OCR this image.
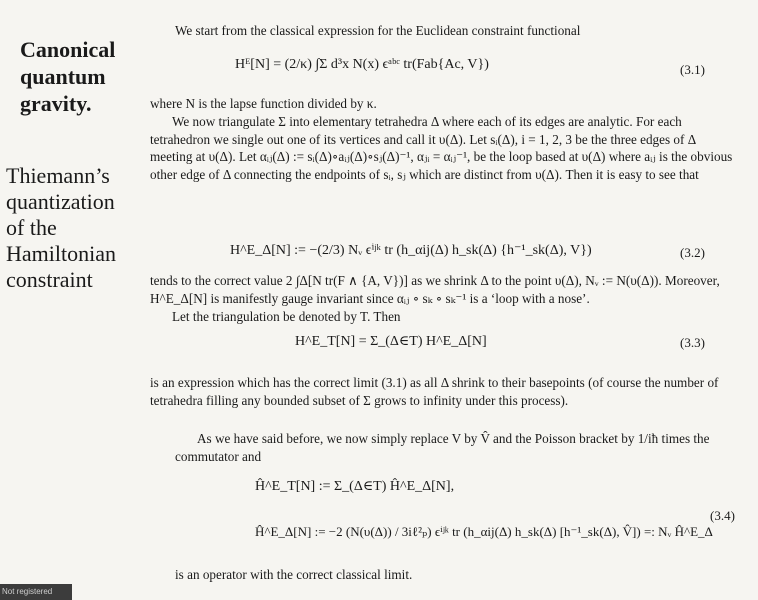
Canonical
quantum
gravity.
Thiemann’s
quantization
of the
Hamiltonian
constraint
We start from the classical expression for the Euclidean constraint functional
Hᴱ[N] = (2/κ) ∫Σ d³x N(x) ϵᵃᵇᶜ tr(Fab{Ac, V})	(3.1)
where N is the lapse function divided by κ.
We now triangulate Σ into elementary tetrahedra Δ where each of its edges are analytic. For each tetrahedron we single out one of its vertices and call it υ(Δ). Let sᵢ(Δ), i = 1, 2, 3 be the three edges of Δ meeting at υ(Δ). Let αᵢⱼ(Δ) := sᵢ(Δ)∘aᵢⱼ(Δ)∘sⱼ(Δ)⁻¹, αⱼᵢ = αᵢⱼ⁻¹, be the loop based at υ(Δ) where aᵢⱼ is the obvious other edge of Δ connecting the endpoints of sᵢ, sⱼ which are distinct from υ(Δ). Then it is easy to see that
H^E_Δ[N] := −(2/3) Nᵥ ϵⁱʲᵏ tr (h_αij(Δ) h_sk(Δ) {h⁻¹_sk(Δ), V})	(3.2)
tends to the correct value 2 ∫Δ[N tr(F ∧ {A, V})] as we shrink Δ to the point υ(Δ), Nᵥ := N(υ(Δ)). Moreover, H^E_Δ[N] is manifestly gauge invariant since αᵢⱼ ∘ sₖ ∘ sₖ⁻¹ is a ‘loop with a nose’.
Let the triangulation be denoted by T. Then
H^E_T[N] = Σ_(Δ∈T) H^E_Δ[N]	(3.3)
is an expression which has the correct limit (3.1) as all Δ shrink to their basepoints (of course the number of tetrahedra filling any bounded subset of Σ grows to infinity under this process).
As we have said before, we now simply replace V by V̂ and the Poisson bracket by 1/iħ times the commutator and
Ĥ^E_T[N] := Σ_(Δ∈T) Ĥ^E_Δ[N],
Ĥ^E_Δ[N] := −2 (N(υ(Δ)) / 3iℓ²ₚ) ϵⁱʲᵏ tr (h_αij(Δ) h_sk(Δ) [h⁻¹_sk(Δ), V̂]) =: Nᵥ Ĥ^E_Δ
(3.4)
is an operator with the correct classical limit.
Not registered
